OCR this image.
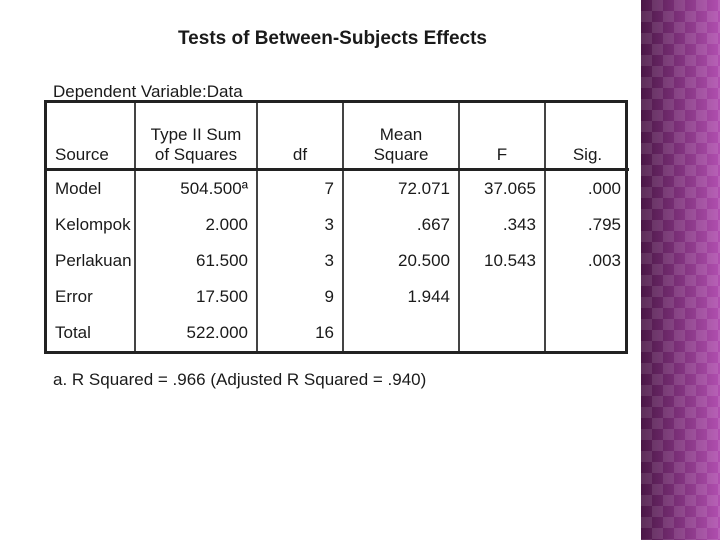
Tests of Between-Subjects Effects
Dependent Variable:Data
Source	Type II Sum of Squares	df	Mean Square	F	Sig.
Model	504.500ª	7	72.071	37.065	.000
Kelompok	2.000	3	.667	.343	.795
Perlakuan	61.500	3	20.500	10.543	.003
Error	17.500	9	1.944		
Total	522.000	16			
a. R Squared = .966 (Adjusted R Squared = .940)
